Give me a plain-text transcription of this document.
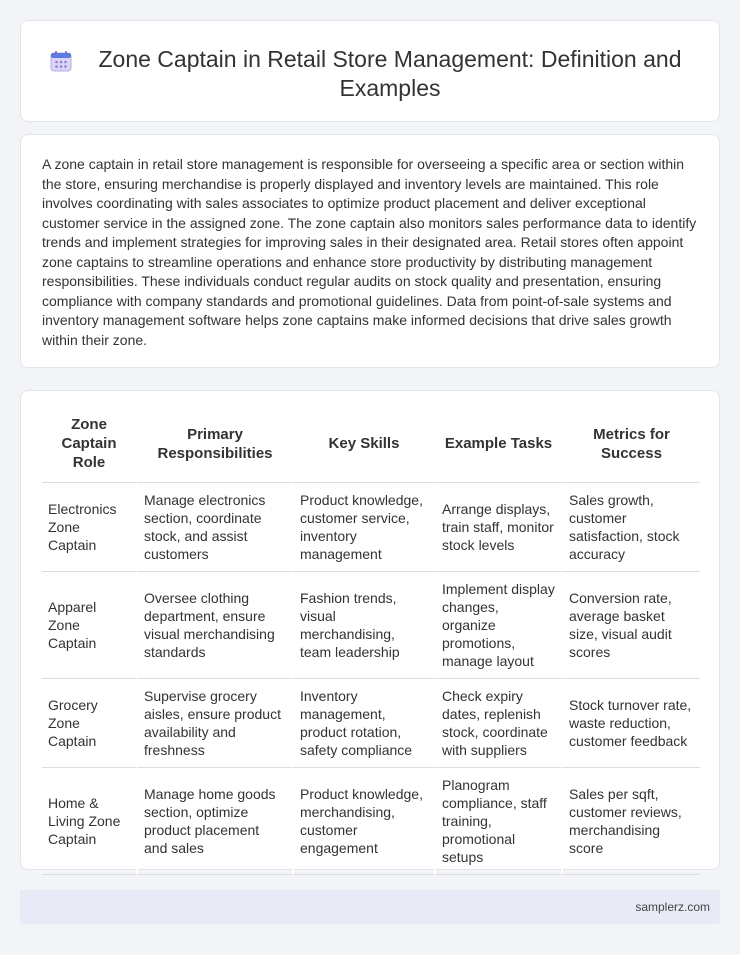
Zone Captain in Retail Store Management: Definition and Examples

A zone captain in retail store management is responsible for overseeing a specific area or section within the store, ensuring merchandise is properly displayed and inventory levels are maintained. This role involves coordinating with sales associates to optimize product placement and deliver exceptional customer service in the assigned zone. The zone captain also monitors sales performance data to identify trends and implement strategies for improving sales in their designated area. Retail stores often appoint zone captains to streamline operations and enhance store productivity by distributing management responsibilities. These individuals conduct regular audits on stock quality and presentation, ensuring compliance with company standards and promotional guidelines. Data from point-of-sale systems and inventory management software helps zone captains make informed decisions that drive sales growth within their zone.

Zone Captain Role	Primary Responsibilities	Key Skills	Example Tasks	Metrics for Success
Electronics Zone Captain	Manage electronics section, coordinate stock, and assist customers	Product knowledge, customer service, inventory management	Arrange displays, train staff, monitor stock levels	Sales growth, customer satisfaction, stock accuracy
Apparel Zone Captain	Oversee clothing department, ensure visual merchandising standards	Fashion trends, visual merchandising, team leadership	Implement display changes, organize promotions, manage layout	Conversion rate, average basket size, visual audit scores
Grocery Zone Captain	Supervise grocery aisles, ensure product availability and freshness	Inventory management, product rotation, safety compliance	Check expiry dates, replenish stock, coordinate with suppliers	Stock turnover rate, waste reduction, customer feedback
Home & Living Zone Captain	Manage home goods section, optimize product placement and sales	Product knowledge, merchandising, customer engagement	Planogram compliance, staff training, promotional setups	Sales per sqft, customer reviews, merchandising score
samplerz.com
